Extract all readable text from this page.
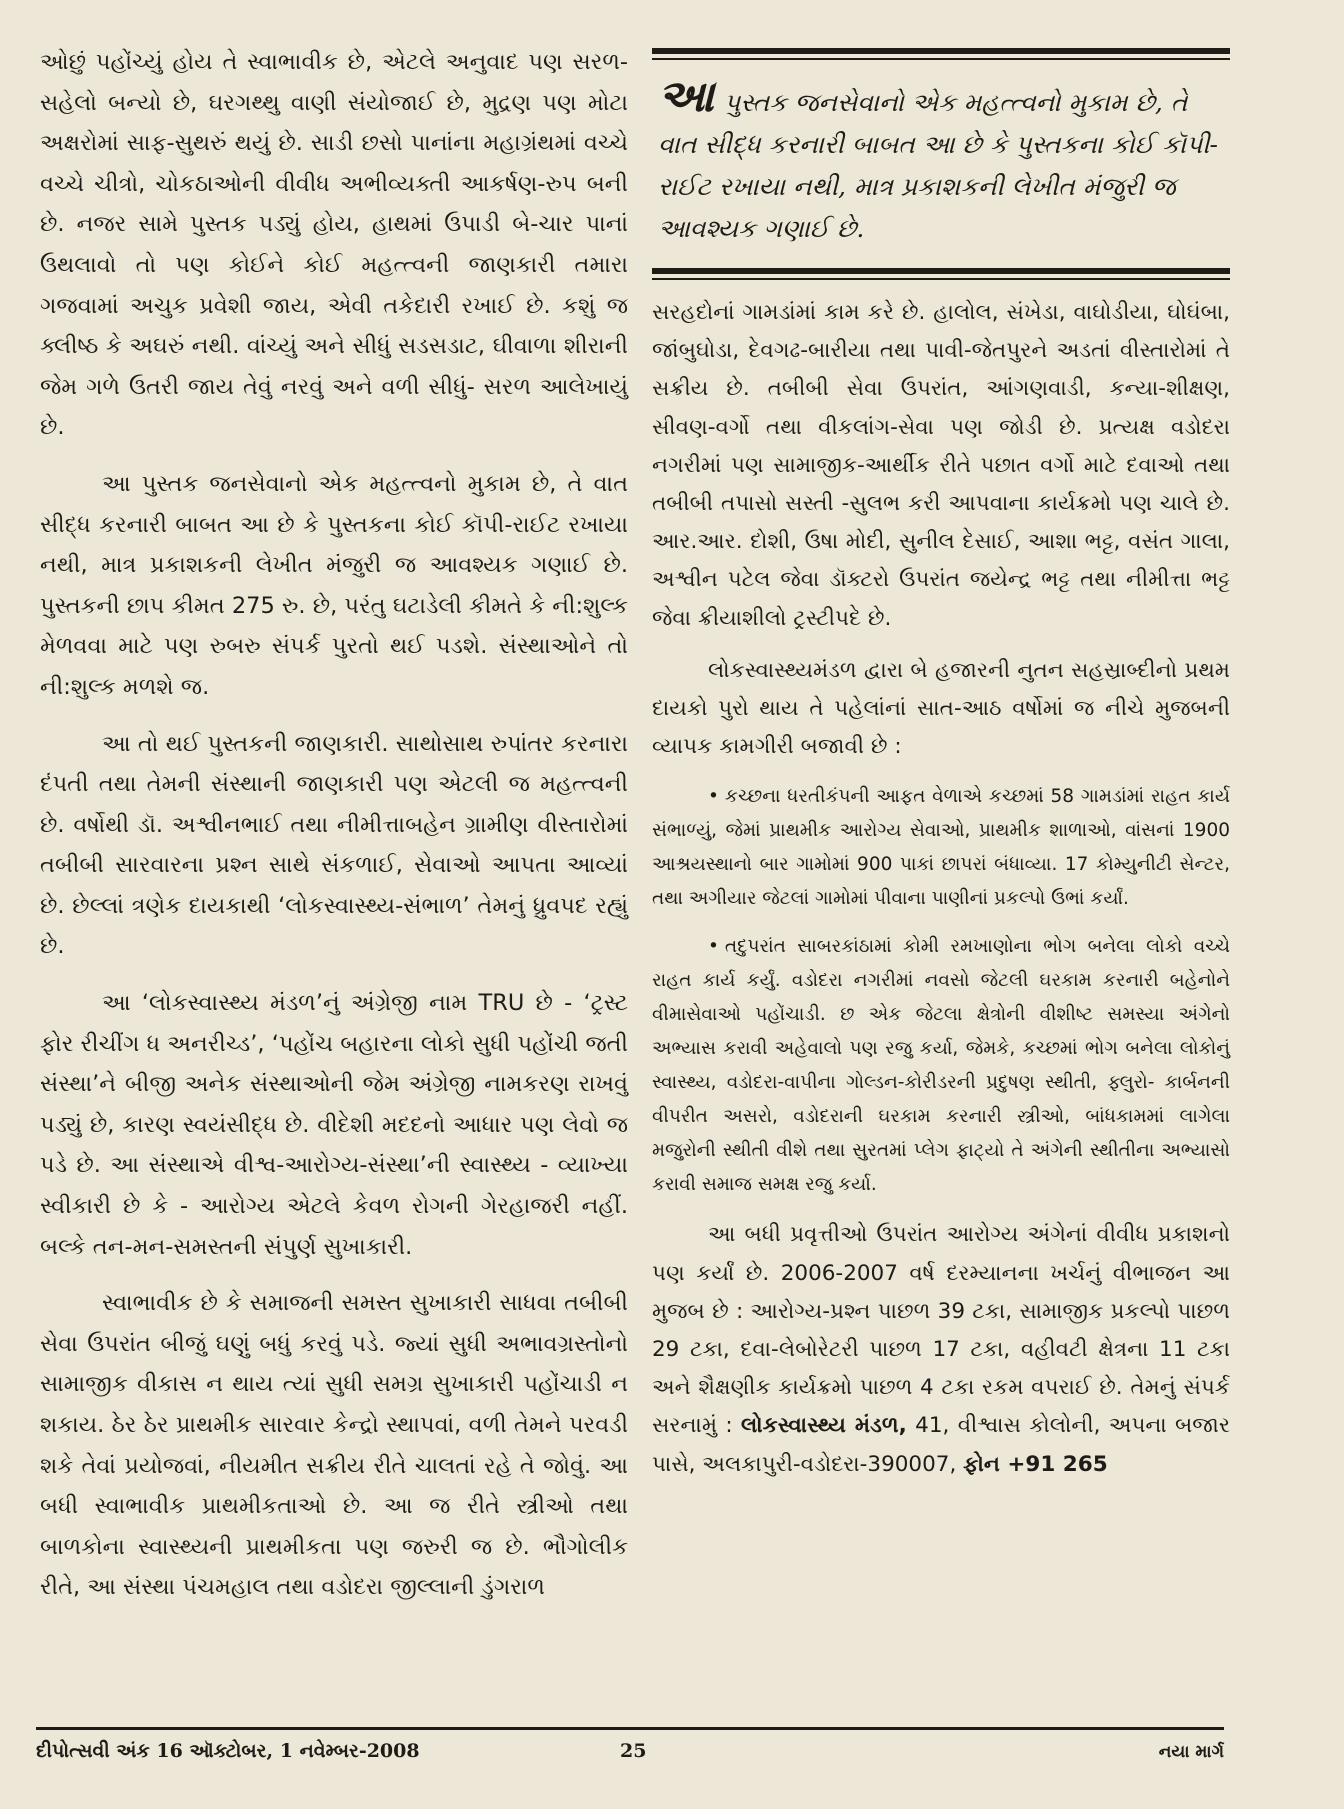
ઓછું પહોંચ્યું હોય તે સ્વાભાવીક છે, એટલે અનુવાદ પણ સરળ-સહેલો બન્યો છે, ઘરગથ્થુ વાણી સંયોજાઈ છે, મુદ્રણ પણ મોટા અક્ષરોમાં સાફ-સુથરું થયું છે. સાડી છસો પાનાંના મહાગ્રંથમાં વચ્ચે વચ્ચે ચીત્રો, ચોકઠાઓની વીવીધ અભીવ્યક્તી આકર્ષણ-રુપ બની છે. નજર સામે પુસ્તક પડ્યું હોય, હાથમાં ઉપાડી બે-ચાર પાનાં ઉથલાવો તો પણ કોઈને કોઈ મહત્ત્વની જાણકારી તમારા ગજવામાં અચુક પ્રવેશી જાય, એવી તકેદારી રખાઈ છે. કશું જ ક્લીષ્ઠ કે અઘરું નથી. વાંચ્યું અને સીધું સડસડાટ, ઘીવાળા શીરાની જેમ ગળે ઉતરી જાય તેવું નરવું અને વળી સીધું- સરળ આલેખાયું છે.

આ પુસ્તક જનસેવાનો એક મહત્ત્વનો મુકામ છે, તે વાત સીદ્ધ કરનારી બાબત આ છે કે પુસ્તકના કોઈ કૉપી-રાઈટ રખાયા નથી, માત્ર પ્રકાશકની લેખીત મંજુરી જ આવશ્યક ગણાઈ છે. પુસ્તકની છાપ કીમત 275 રુ. છે, પરંતુ ઘટાડેલી કીમતે કે ની:શુલ્ક મેળવવા માટે પણ રુબરુ સંપર્ક પુરતો થઈ પડશે. સંસ્થાઓને તો ની:શુલ્ક મળશે જ.

આ તો થઈ પુસ્તકની જાણકારી. સાથોસાથ રુપાંતર કરનારા દંપતી તથા તેમની સંસ્થાની જાણકારી પણ એટલી જ મહત્ત્વની છે. વર્ષોથી ડૉ. અશ્વીનભાઈ તથા નીમીત્તાબહેન ગ્રામીણ વીસ્તારોમાં તબીબી સારવારના પ્રશ્ન સાથે સંકળાઈ, સેવાઓ આપતા આવ્યાં છે. છેલ્લાં ત્રણેક દાયકાથી ‘લોકસ્વાસ્થ્ય-સંભાળ’ તેમનું ધ્રુવપદ રહ્યું છે.

આ ‘લોકસ્વાસ્થ્ય મંડળ’નું અંગ્રેજી નામ TRU છે - ‘ટ્રસ્ટ ફોર રીચીંગ ધ અનરીચ્ડ’, ‘પહોંચ બહારના લોકો સુધી પહોંચી જતી સંસ્થા’ને બીજી અનેક સંસ્થાઓની જેમ અંગ્રેજી નામકરણ રાખવું પડ્યું છે, કારણ સ્વયંસીદ્ધ છે. વીદેશી મદદનો આધાર પણ લેવો જ પડે છે. આ સંસ્થાએ વીશ્વ-આરોગ્ય-સંસ્થા’ની સ્વાસ્થ્ય - વ્યાખ્યા સ્વીકારી છે કે - આરોગ્ય એટલે કેવળ રોગની ગેરહાજરી નહીં. બલ્કે તન-મન-સમસ્તની સંપુર્ણ સુખાકારી.

સ્વાભાવીક છે કે સમાજની સમસ્ત સુખાકારી સાધવા તબીબી સેવા ઉપરાંત બીજું ઘણું બધું કરવું પડે. જ્યાં સુધી અભાવગ્રસ્તોનો સામાજીક વીકાસ ન થાય ત્યાં સુધી સમગ્ર સુખાકારી પહોંચાડી ન શકાય. ઠેર ઠેર પ્રાથમીક સારવાર કેન્દ્રો સ્થાપવાં, વળી તેમને પરવડી શકે તેવાં પ્રયોજવાં, નીયમીત સક્રીય રીતે ચાલતાં રહે તે જોવું. આ બધી સ્વાભાવીક પ્રાથમીકતાઓ છે. આ જ રીતે સ્ત્રીઓ તથા બાળકોના સ્વાસ્થ્યની પ્રાથમીકતા પણ જરુરી જ છે. ભૌગોલીક રીતે, આ સંસ્થા પંચમહાલ તથા વડોદરા જીલ્લાની ડુંગરાળ

આપુસ્તક જનસેવાનો એક મહત્ત્વનો મુકામ છે, તે વાત સીદ્ધ કરનારી બાબત આ છે કે પુસ્તકના કોઈ કૉપી-રાઈટ રખાયા નથી, માત્ર પ્રકાશકની લેખીત મંજુરી જ આવશ્યક ગણાઈ છે.

સરહદોનાં ગામડાંમાં કામ કરે છે. હાલોલ, સંખેડા, વાઘોડીયા, ઘોઘંબા, જાંબુઘોડા, દેવગઢ-બારીયા તથા પાવી-જેતપુરને અડતાં વીસ્તારોમાં તે સક્રીય છે. તબીબી સેવા ઉપરાંત, આંગણવાડી, કન્યા-શીક્ષણ, સીવણ-વર્ગો તથા વીકલાંગ-સેવા પણ જોડી છે. પ્રત્યક્ષ વડોદરા નગરીમાં પણ સામાજીક-આર્થીક રીતે પછાત વર્ગો માટે દવાઓ તથા તબીબી તપાસો સસ્તી -સુલભ કરી આપવાના કાર્યક્રમો પણ ચાલે છે. આર.આર. દોશી, ઉષા મોદી, સુનીલ દેસાઈ, આશા ભટ્ટ, વસંત ગાલા, અશ્વીન પટેલ જેવા ડૉક્ટરો ઉપરાંત જયેન્દ્ર ભટ્ટ તથા નીમીત્તા ભટ્ટ જેવા ક્રીયાશીલો ટ્રસ્ટીપદે છે.

લોકસ્વાસ્થ્યમંડળ દ્વારા બે હજારની નુતન સહસ્રાબ્દીનો પ્રથમ દાયકો પુરો થાય તે પહેલાંનાં સાત-આઠ વર્ષોમાં જ નીચે મુજબની વ્યાપક કામગીરી બજાવી છે :

• કચ્છના ધરતીકંપની આફત વેળાએ કચ્છમાં 58 ગામડાંમાં રાહત કાર્ય સંભાળ્યું, જેમાં પ્રાથમીક આરોગ્ય સેવાઓ, પ્રાથમીક શાળાઓ, વાંસનાં 1900 આશ્રયસ્થાનો બાર ગામોમાં 900 પાકાં છાપરાં બંધાવ્યા. 17 કોમ્યુનીટી સેન્ટર, તથા અગીયાર જેટલાં ગામોમાં પીવાના પાણીનાં પ્રકલ્પો ઉભાં કર્યાં.

• તદુપરાંત સાબરકાંઠામાં કોમી રમખાણોના ભોગ બનેલા લોકો વચ્ચે રાહત કાર્ય કર્યું. વડોદરા નગરીમાં નવસો જેટલી ઘરકામ કરનારી બહેનોને વીમાસેવાઓ પહોંચાડી. છ એક જેટલા ક્ષેત્રોની વીશીષ્ટ સમસ્યા અંગેનો અભ્યાસ કરાવી અહેવાલો પણ રજુ કર્યા, જેમકે, કચ્છમાં ભોગ બનેલા લોકોનું સ્વાસ્થ્ય, વડોદરા-વાપીના ગોલ્ડન-કોરીડરની પ્રદુષણ સ્થીતી, ફ્લુરો- કાર્બનની વીપરીત અસરો, વડોદરાની ઘરકામ કરનારી સ્ત્રીઓ, બાંધકામમાં લાગેલા મજુરોની સ્થીતી વીશે તથા સુરતમાં પ્લેગ ફાટ્યો તે અંગેની સ્થીતીના અભ્યાસો કરાવી સમાજ સમક્ષ રજુ કર્યા.

આ બધી પ્રવૃત્તીઓ ઉપરાંત આરોગ્ય અંગેનાં વીવીધ પ્રકાશનો પણ કર્યાં છે. 2006-2007 વર્ષ દરમ્યાનના ખર્ચનું વીભાજન આ મુજબ છે : આરોગ્ય-પ્રશ્ન પાછળ 39 ટકા, સામાજીક પ્રકલ્પો પાછળ 29 ટકા, દવા-લેબોરેટરી પાછળ 17 ટકા, વહીવટી ક્ષેત્રના 11 ટકા અને શૈક્ષણીક કાર્યક્રમો પાછળ 4 ટકા રકમ વપરાઈ છે. તેમનું સંપર્ક સરનામું : લોકસ્વાસ્થ્ય મંડળ, 41, વીશ્વાસ કોલોની, અપના બજાર પાસે, અલકાપુરી-વડોદરા-390007, ફોન +91 265

દીપોત્સવી અંક 16 ઑક્ટોબર, 1 નવેમ્બર-2008	25	નયા માર્ગ
